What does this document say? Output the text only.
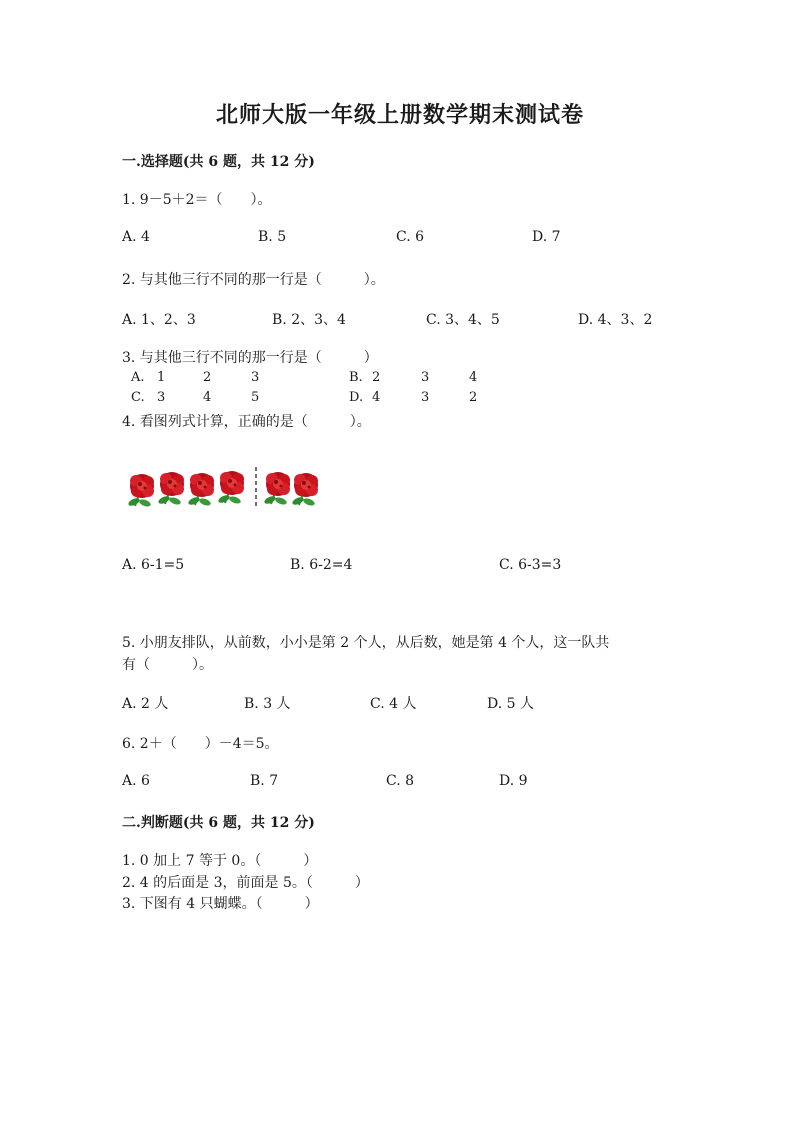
北师大版一年级上册数学期末测试卷
一.选择题(共 6 题，共 12 分)
1. 9－5＋2＝（　　）。
A. 4	B. 5	C. 6	D. 7
2. 与其他三行不同的那一行是（　　　）。
A. 1、2、3	B. 2、3、4	C. 3、4、5	D. 4、3、2
3. 与其他三行不同的那一行是（　　　）
A. 1	2	3	B. 2	3	4
C. 3	4	5	D. 4	3	2
4. 看图列式计算，正确的是（　　　）。
A. 6-1=5	B. 6-2=4	C. 6-3=3
5. 小朋友排队，从前数，小小是第 2 个人，从后数，她是第 4 个人，这一队共
有（　　　）。
A. 2 人	B. 3 人	C. 4 人	D. 5 人
6. 2＋（　　）－4＝5。
A. 6	B. 7	C. 8	D. 9
二.判断题(共 6 题，共 12 分)
1. 0 加上 7 等于 0。（　　　）
2. 4 的后面是 3，前面是 5。（　　　）
3. 下图有 4 只蝴蝶。（　　　）
